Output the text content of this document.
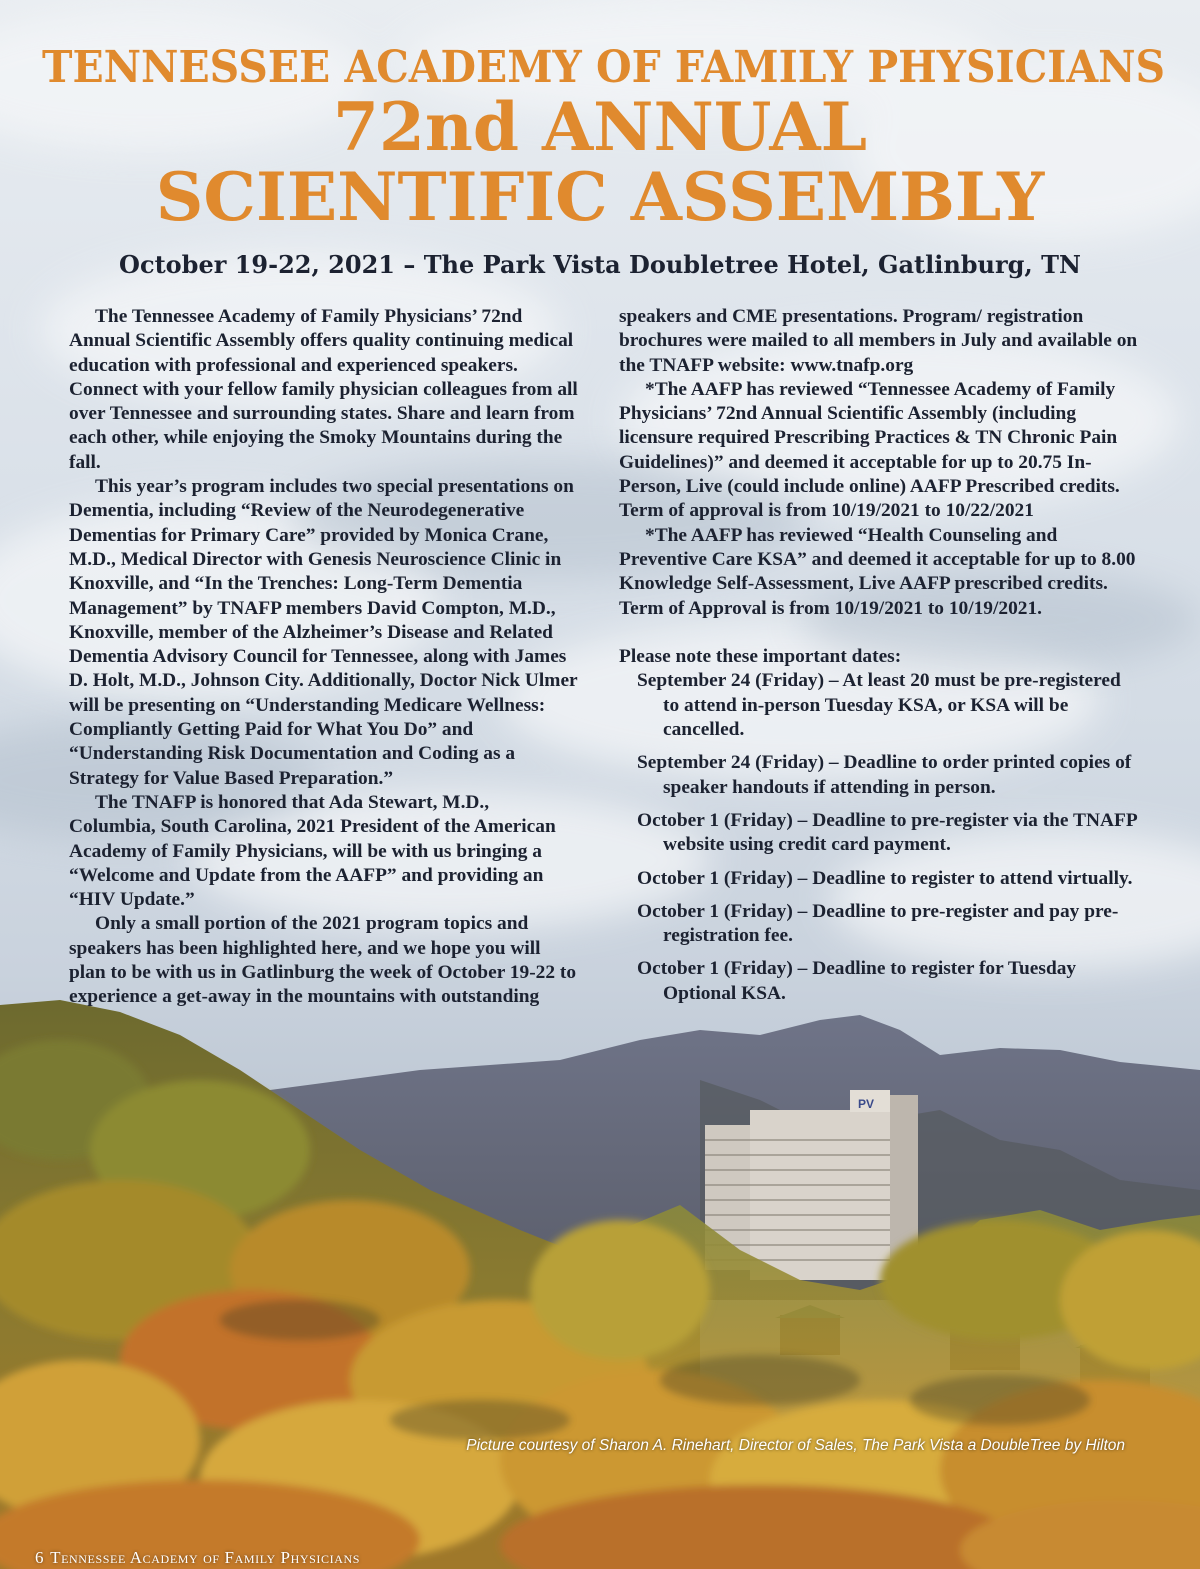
PV
TENNESSEE ACADEMY OF FAMILY PHYSICIANS
72nd ANNUAL
SCIENTIFIC ASSEMBLY
October 19-22, 2021 – The Park Vista Doubletree Hotel, Gatlinburg, TN

The Tennessee Academy of Family Physicians’ 72nd Annual Scientific Assembly offers quality continuing medical education with professional and experienced speakers. Connect with your fellow family physician colleagues from all over Tennessee and surrounding states. Share and learn from each other, while enjoying the Smoky Mountains during the fall.

This year’s program includes two special presentations on Dementia, including “Review of the Neurodegenerative Dementias for Primary Care” provided by Monica Crane, M.D., Medical Director with Genesis Neuroscience Clinic in Knoxville, and “In the Trenches: Long-Term Dementia Management” by TNAFP members David Compton, M.D., Knoxville, member of the Alzheimer’s Disease and Related Dementia Advisory Council for Tennessee, along with James D. Holt, M.D., Johnson City. Additionally, Doctor Nick Ulmer will be presenting on “Understanding Medicare Wellness: Compliantly Getting Paid for What You Do” and “Understanding Risk Documentation and Coding as a Strategy for Value Based Preparation.”

The TNAFP is honored that Ada Stewart, M.D., Columbia, South Carolina, 2021 President of the American Academy of Family Physicians, will be with us bringing a “Welcome and Update from the AAFP” and providing an “HIV Update.”

Only a small portion of the 2021 program topics and speakers has been highlighted here, and we hope you will plan to be with us in Gatlinburg the week of October 19-22 to experience a get-away in the mountains with outstanding

speakers and CME presentations. Program/ registration brochures were mailed to all members in July and available on the TNAFP website: www.tnafp.org

*The AAFP has reviewed “Tennessee Academy of Family Physicians’ 72nd Annual Scientific Assembly (including licensure required Prescribing Practices & TN Chronic Pain Guidelines)” and deemed it acceptable for up to 20.75 In-Person, Live (could include online) AAFP Prescribed credits. Term of approval is from 10/19/2021 to 10/22/2021

*The AAFP has reviewed “Health Counseling and Preventive Care KSA” and deemed it acceptable for up to 8.00 Knowledge Self-Assessment, Live AAFP prescribed credits. Term of Approval is from 10/19/2021 to 10/19/2021.

Please note these important dates:

September 24 (Friday) – At least 20 must be pre-registered to attend in-person Tuesday KSA, or KSA will be cancelled.

September 24 (Friday) – Deadline to order printed copies of speaker handouts if attending in person.

October 1 (Friday) – Deadline to pre-register via the TNAFP website using credit card payment.

October 1 (Friday) – Deadline to register to attend virtually.

October 1 (Friday) – Deadline to pre-register and pay pre-registration fee.

October 1 (Friday) – Deadline to register for Tuesday Optional KSA.

Picture courtesy of Sharon A. Rinehart, Director of Sales, The Park Vista a DoubleTree by Hilton
6 Tennessee Academy of Family Physicians
